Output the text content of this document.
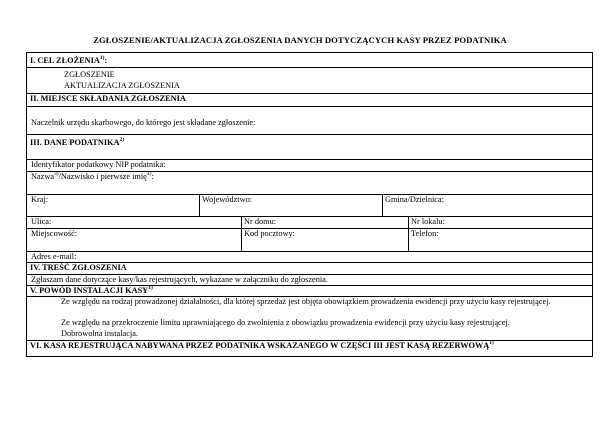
ZGŁOSZENIE/AKTUALIZACJA ZGŁOSZENIA DANYCH DOTYCZĄCYCH KASY PRZEZ PODATNIKA
I. CEL ZŁOŻENIA$^{1)}$:
ZGŁOSZENIE
AKTUALIZACJA ZGŁOSZENIA
II. MIEJSCE SKŁADANIA ZGŁOSZENIA
Naczelnik urzędu skarbowego, do którego jest składane zgłoszenie:
III. DANE PODATNIKA$^{2)}$
Identyfikator podatkowy NIP podatnika:
Nazwa$^{3)}$/Nazwisko i pierwsze imię$^{4)}$:
Kraj:	Województwo:	Gmina/Dzielnica:
Ulica:	Nr domu:	Nr lokalu:
Miejscowość:	Kod pocztowy:	Telefon:
Adres e-mail:
IV. TREŚĆ ZGŁOSZENIA
Zgłaszam dane dotyczące kasy/kas rejestrujących, wykazane w załączniku do zgłoszenia.
V. POWÓD INSTALACJI KASY$^{1)}$
Ze względu na rodzaj prowadzonej działalności, dla której sprzedaż jest objęta obowiązkiem prowadzenia ewidencji przy użyciu kasy rejestrującej.
Ze względu na przekroczenie limitu uprawniającego do zwolnienia z obowiązku prowadzenia ewidencji przy użyciu kasy rejestrującej.
Dobrowolna instalacja.
VI. KASA REJESTRUJĄCA NABYWANA PRZEZ PODATNIKA WSKAZANEGO W CZĘŚCI III JEST KASĄ REZERWOWĄ$^{1)}$
